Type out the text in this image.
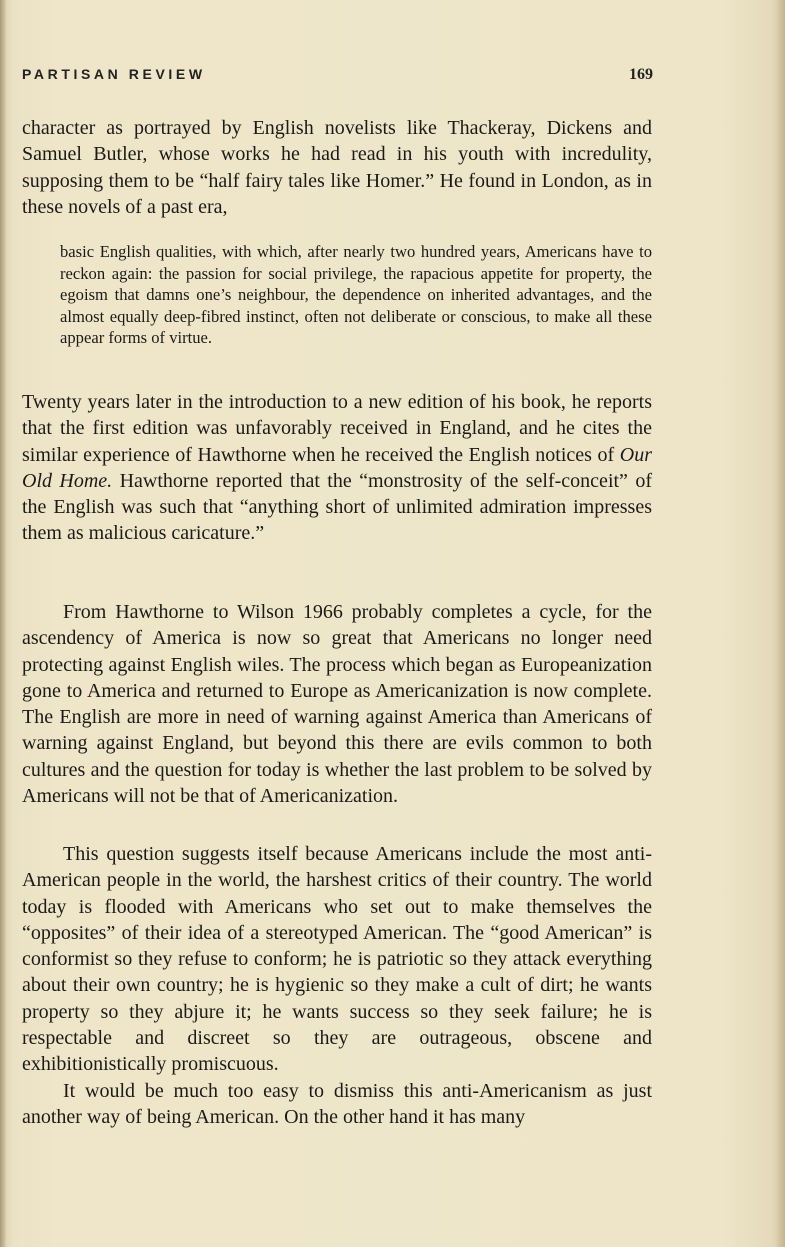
PARTISAN REVIEW	169

character as portrayed by English novelists like Thackeray, Dickens and Samuel Butler, whose works he had read in his youth with incredulity, supposing them to be “half fairy tales like Homer.” He found in London, as in these novels of a past era,

basic English qualities, with which, after nearly two hundred years, Americans have to reckon again: the passion for social privilege, the rapacious appetite for property, the egoism that damns one’s neighbour, the dependence on inherited advantages, and the almost equally deep-fibred instinct, often not deliberate or conscious, to make all these appear forms of virtue.

Twenty years later in the introduction to a new edition of his book, he reports that the first edition was unfavorably received in England, and he cites the similar experience of Hawthorne when he received the English notices of Our Old Home. Hawthorne reported that the “monstrosity of the self-conceit” of the English was such that “anything short of unlimited admiration impresses them as malicious caricature.”

From Hawthorne to Wilson 1966 probably completes a cycle, for the ascendency of America is now so great that Americans no longer need protecting against English wiles. The process which began as Europeanization gone to America and returned to Europe as Americanization is now complete. The English are more in need of warning against America than Americans of warning against England, but beyond this there are evils common to both cultures and the question for today is whether the last problem to be solved by Americans will not be that of Americanization.

This question suggests itself because Americans include the most anti-American people in the world, the harshest critics of their country. The world today is flooded with Americans who set out to make themselves the “opposites” of their idea of a stereotyped American. The “good American” is conformist so they refuse to conform; he is patriotic so they attack everything about their own country; he is hygienic so they make a cult of dirt; he wants property so they abjure it; he wants success so they seek failure; he is respectable and discreet so they are outrageous, obscene and exhibitionistically promiscuous.

It would be much too easy to dismiss this anti-Americanism as just another way of being American. On the other hand it has many
